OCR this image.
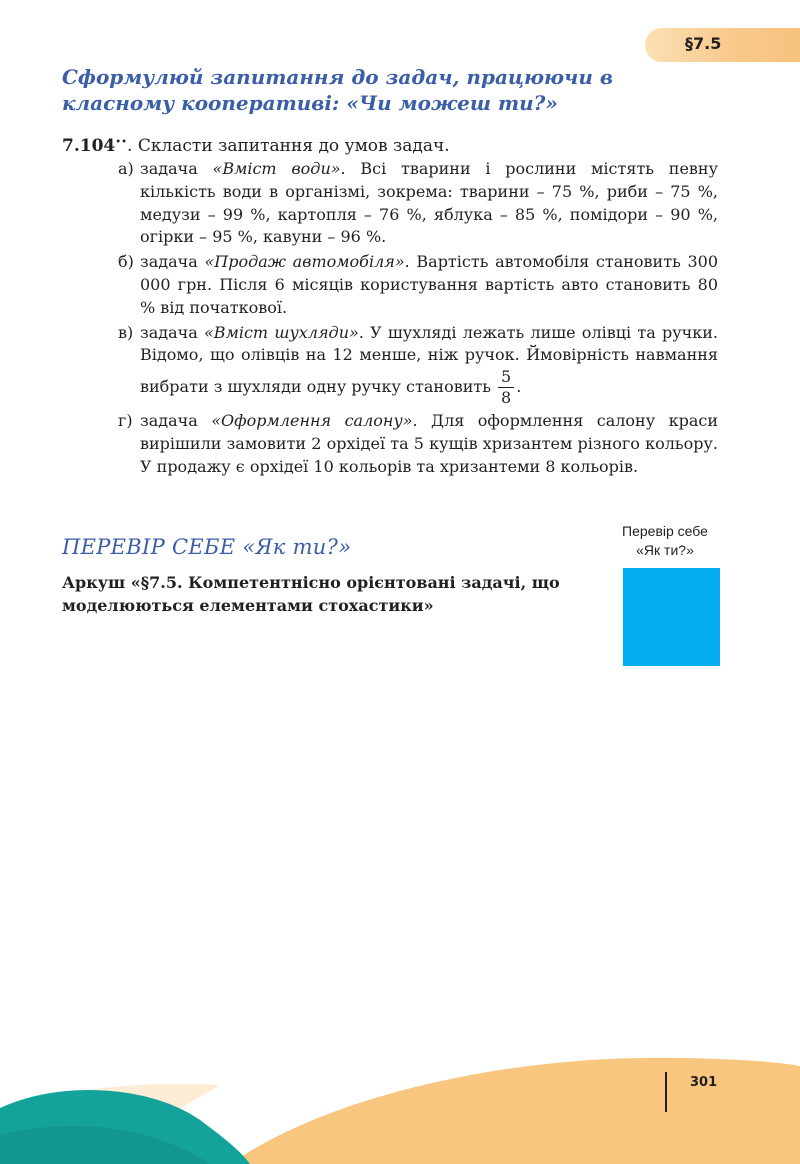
§7.5
Сформулюй запитання до задач, працюючи в класному кооперативі: «Чи можеш ти?»
7.104••. Скласти запитання до умов задач.
а) задача «Вміст води». Всі тварини і рослини містять певну кількість води в організмі, зокрема: тварини – 75 %, риби – 75 %, медузи – 99 %, картопля – 76 %, яблука – 85 %, помідори – 90 %, огірки – 95 %, кавуни – 96 %.
б) задача «Продаж автомобіля». Вартість автомобіля становить 300 000 грн. Після 6 місяців користування вартість авто становить 80 % від початкової.
в) задача «Вміст шухляди». У шухляді лежать лише олівці та ручки. Відомо, що олівців на 12 менше, ніж ручок. Ймовірність навмання вибрати з шухляди одну ручку становить $\frac{5}{8}$ .
г) задача «Оформлення салону». Для оформлення салону краси вирішили замовити 2 орхідеї та 5 кущів хризантем різного кольору. У продажу є орхідеї 10 кольорів та хризантеми 8 кольорів.
ПЕРЕВІР СЕБЕ «Як ти?»
Перевір себе
«Як ти?»
Аркуш «§7.5. Компетентнісно орієнтовані задачі, що моделюються елементами стохастики»
301
